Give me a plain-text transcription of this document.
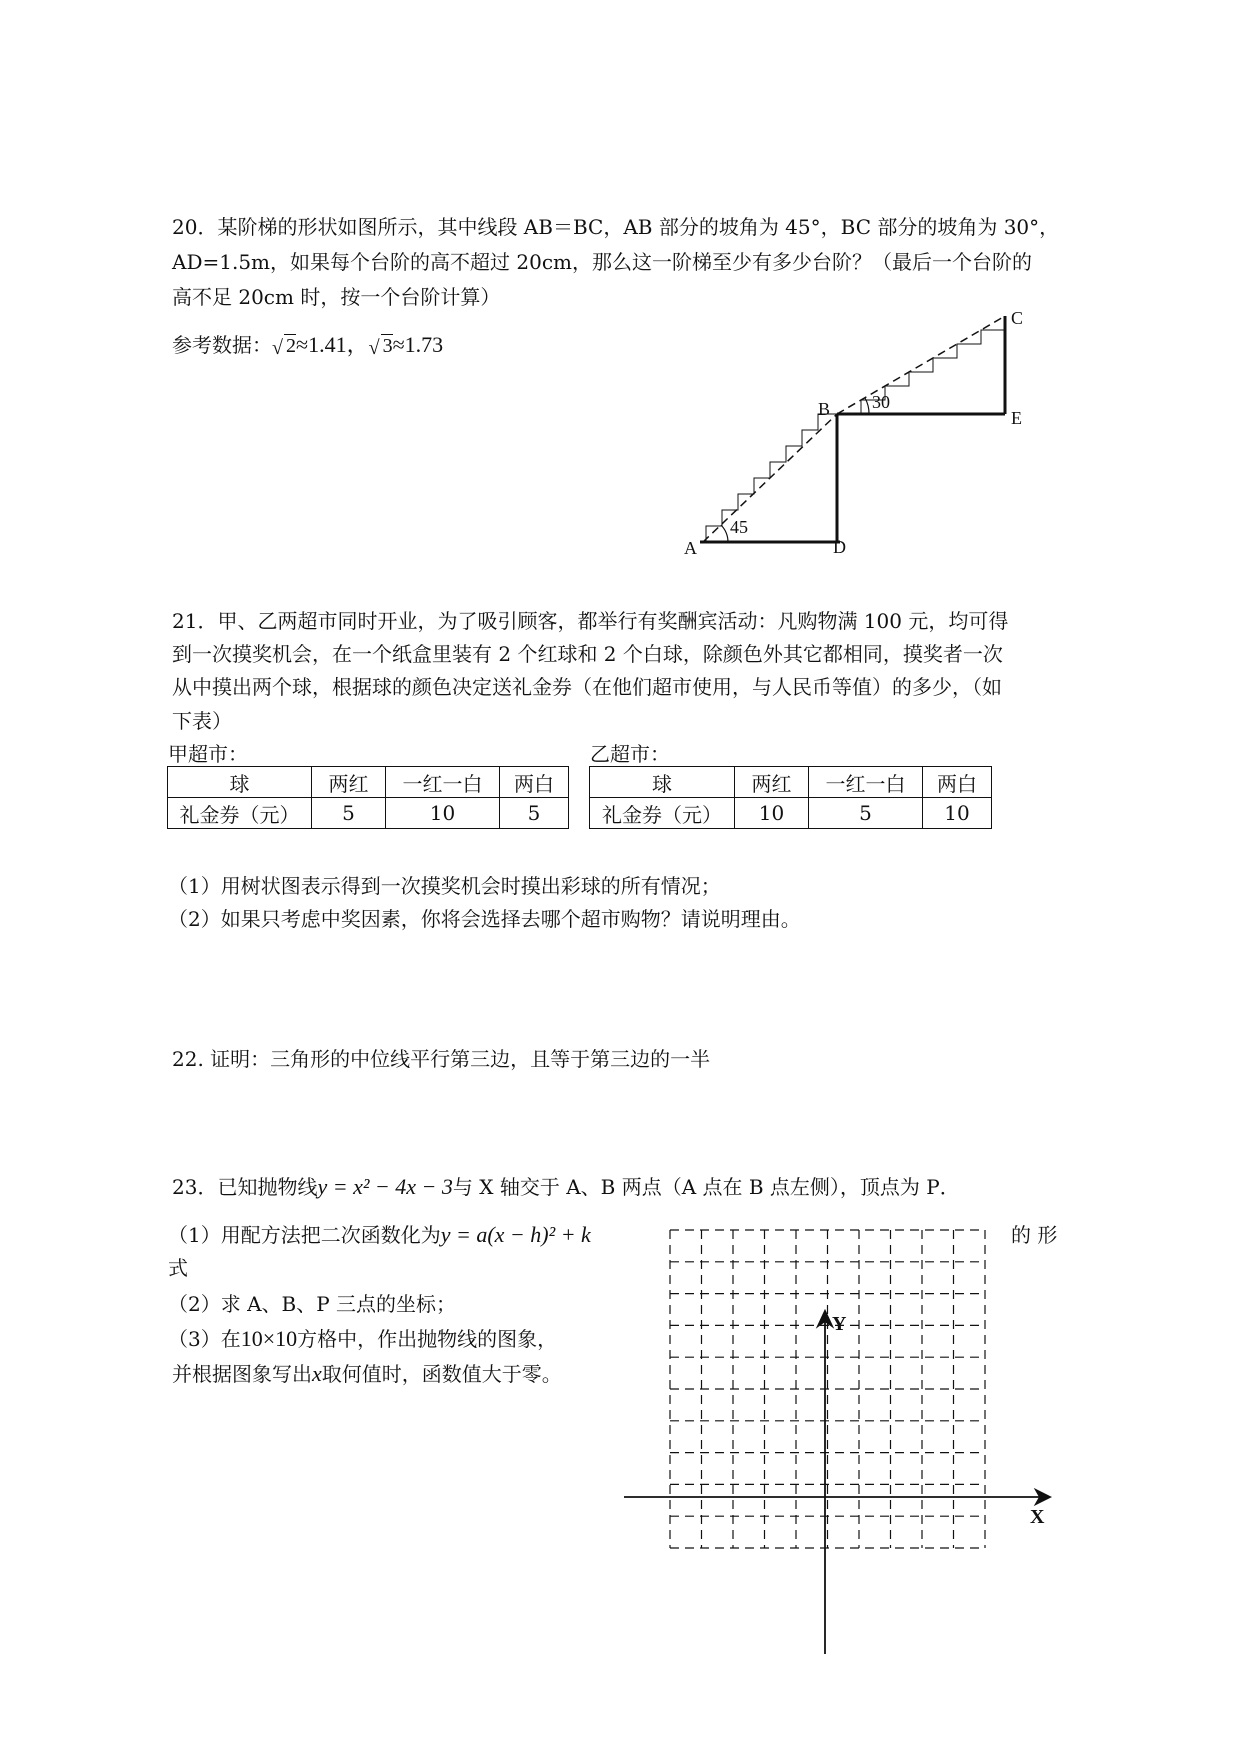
20．某阶梯的形状如图所示，其中线段 AB＝BC，AB 部分的坡角为 45°，BC 部分的坡角为 30°，
AD=1.5m，如果每个台阶的高不超过 20cm，那么这一阶梯至少有多少台阶？（最后一个台阶的
高不足 20cm 时，按一个台阶计算）
参考数据： √ 2≈1.41， √ 3≈1.73
A	D
B
C
E
45
30
21．甲、乙两超市同时开业，为了吸引顾客，都举行有奖酬宾活动：凡购物满 100 元，均可得
到一次摸奖机会，在一个纸盒里装有 2 个红球和 2 个白球，除颜色外其它都相同，摸奖者一次
从中摸出两个球，根据球的颜色决定送礼金券（在他们超市使用，与人民币等值）的多少，（如
下表）
甲超市：	乙超市：
球	两红	一红一白	两白
礼金券（元）	5	10	5
球	两红	一红一白	两白
礼金券（元）	10	5	10
（1）用树状图表示得到一次摸奖机会时摸出彩球的所有情况；
（2）如果只考虑中奖因素，你将会选择去哪个超市购物？请说明理由。
22. 证明：三角形的中位线平行第三边，且等于第三边的一半
23．已知抛物线y = x² − 4x − 3与 X 轴交于 A、B 两点（A 点在 B 点左侧），顶点为 P．
（1）用配方法把二次函数化为y = a(x − h)² + k	的 形
式
（2）求 A、B、P 三点的坐标；
（3）在10×10方格中，作出抛物线的图象，
并根据图象写出x取何值时，函数值大于零。
Y
X
